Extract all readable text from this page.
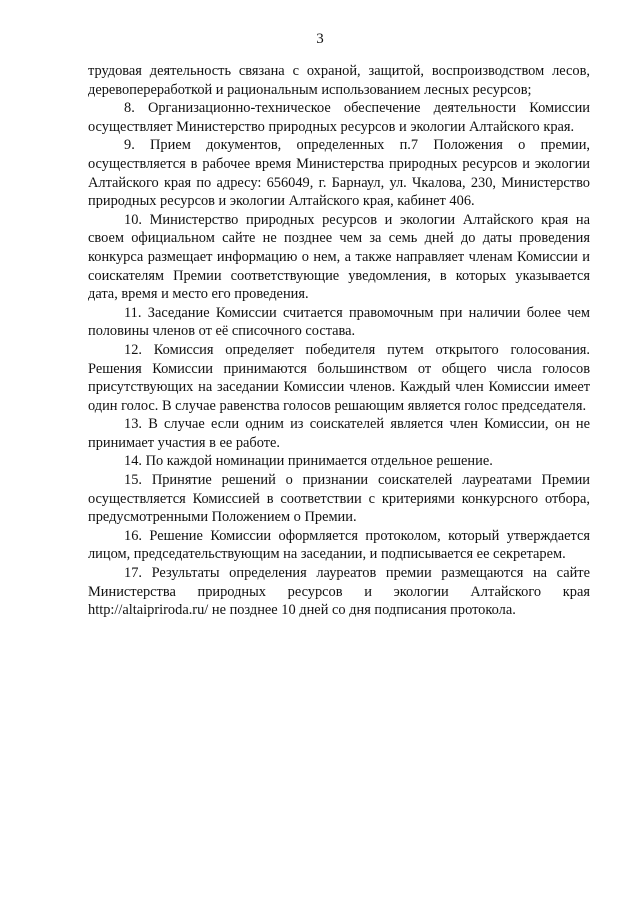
3

трудовая деятельность связана с охраной, защитой, воспроизводством лесов, деревопереработкой и рациональным использованием лесных ресурсов;

8. Организационно-техническое обеспечение деятельности Комиссии осуществляет Министерство природных ресурсов и экологии Алтайского края.

9. Прием документов, определенных п.7 Положения о премии, осуществляется в рабочее время Министерства природных ресурсов и экологии Алтайского края по адресу: 656049, г. Барнаул, ул. Чкалова, 230, Министерство природных ресурсов и экологии Алтайского края, кабинет 406.

10. Министерство природных ресурсов и экологии Алтайского края на своем официальном сайте не позднее чем за семь дней до даты проведения конкурса размещает информацию о нем, а также направляет членам Комиссии и соискателям Премии соответствующие уведомления, в которых указывается дата, время и место его проведения.

11. Заседание Комиссии считается правомочным при наличии более чем половины членов от её списочного состава.

12. Комиссия определяет победителя путем открытого голосования. Решения Комиссии принимаются большинством от общего числа голосов присутствующих на заседании Комиссии членов. Каждый член Комиссии имеет один голос. В случае равенства голосов решающим является голос председателя.

13. В случае если одним из соискателей является член Комиссии, он не принимает участия в ее работе.

14. По каждой номинации принимается отдельное решение.

15. Принятие решений о признании соискателей лауреатами Премии осуществляется Комиссией в соответствии с критериями конкурсного отбора, предусмотренными Положением о Премии.

16. Решение Комиссии оформляется протоколом, который утверждается лицом, председательствующим на заседании, и подписывается ее секретарем.

17. Результаты определения лауреатов премии размещаются на сайте Министерства природных ресурсов и экологии Алтайского края http://altaipriroda.ru/ не позднее 10 дней со дня подписания протокола.
